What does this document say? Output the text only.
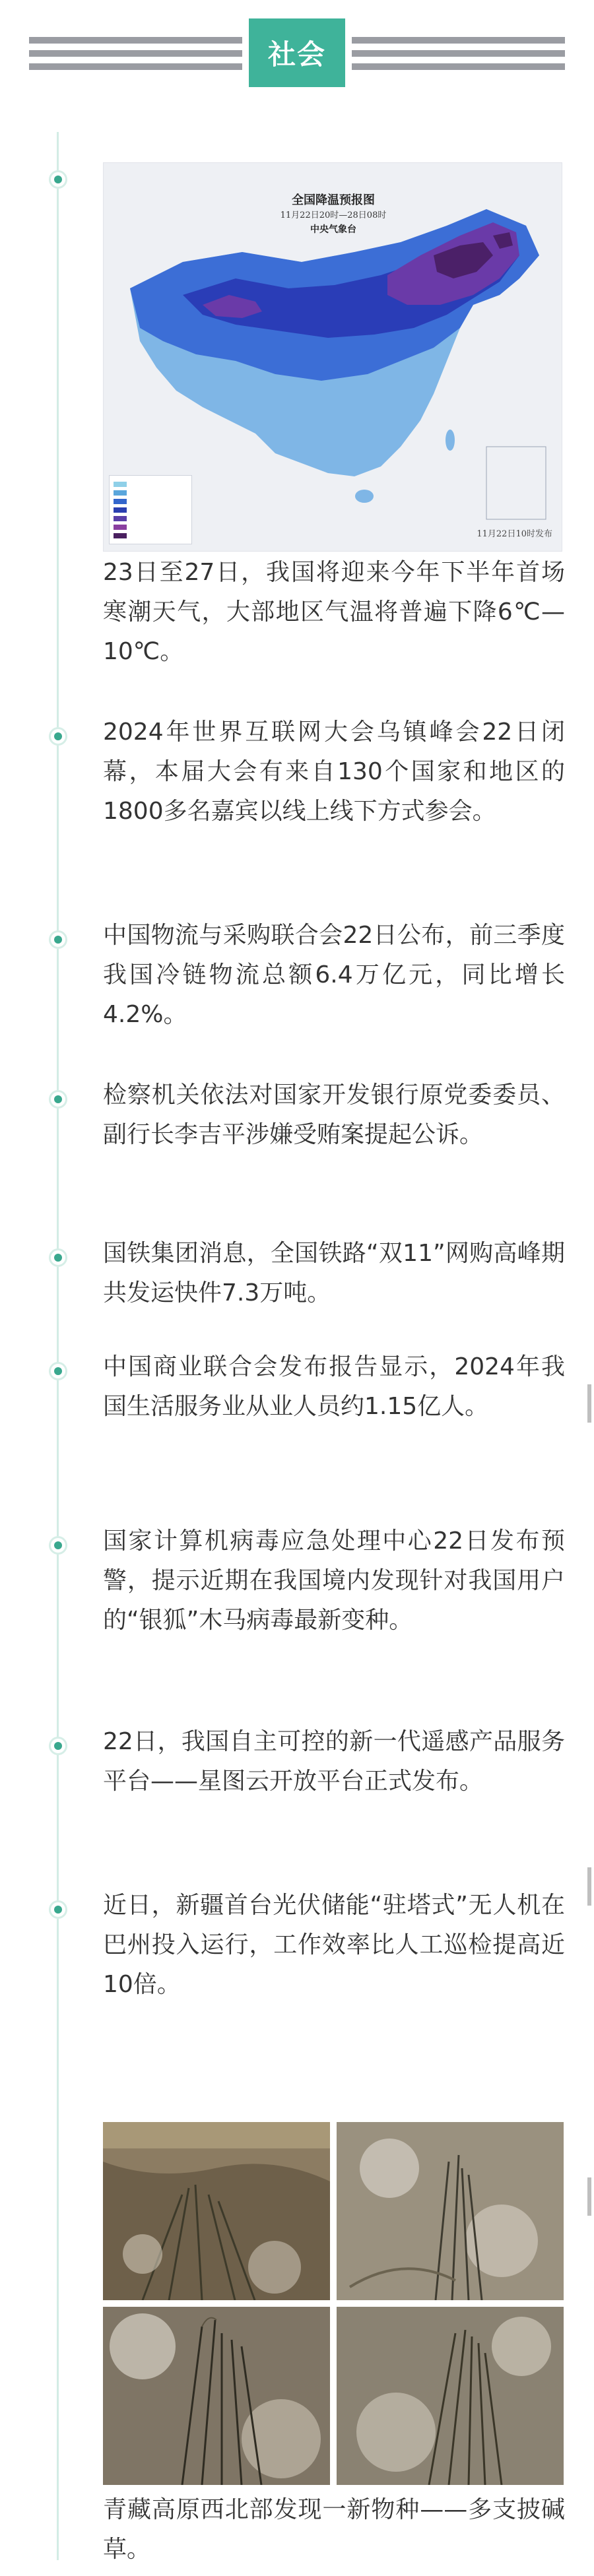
社会
全国降温预报图
11月22日20时—28日08时
中央气象台
11月22日10时发布
23日至27日，我国将迎来今年下半年首场寒潮天气，大部地区气温将普遍下降6℃—10℃。
2024年世界互联网大会乌镇峰会22日闭幕，本届大会有来自130个国家和地区的1800多名嘉宾以线上线下方式参会。
中国物流与采购联合会22日公布，前三季度我国冷链物流总额6.4万亿元，同比增长4.2%。
检察机关依法对国家开发银行原党委委员、副行长李吉平涉嫌受贿案提起公诉。
国铁集团消息，全国铁路“双11”网购高峰期共发运快件7.3万吨。
中国商业联合会发布报告显示，2024年我国生活服务业从业人员约1.15亿人。
国家计算机病毒应急处理中心22日发布预警，提示近期在我国境内发现针对我国用户的“银狐”木马病毒最新变种。
22日，我国自主可控的新一代遥感产品服务平台——星图云开放平台正式发布。
近日，新疆首台光伏储能“驻塔式”无人机在巴州投入运行，工作效率比人工巡检提高近10倍。
青藏高原西北部发现一新物种——多支披碱草。
